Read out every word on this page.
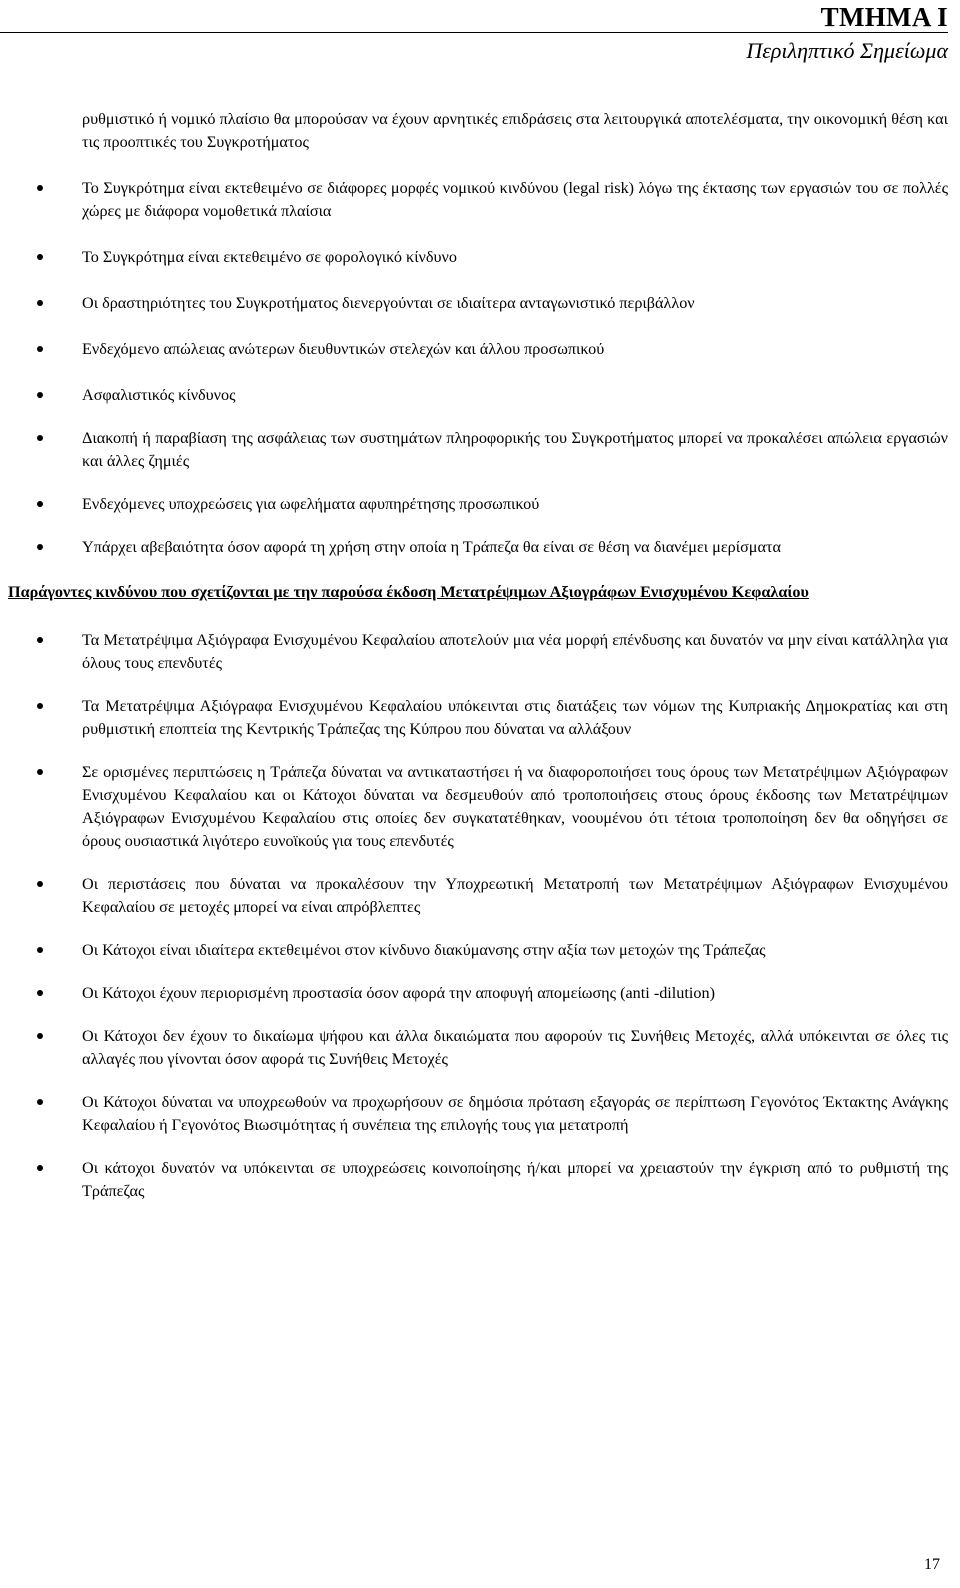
ΤΜΗΜΑ Ι
Περιληπτικό Σημείωμα
ρυθμιστικό ή νομικό πλαίσιο θα μπορούσαν να έχουν αρνητικές επιδράσεις στα λειτουργικά αποτελέσματα, την οικονομική θέση και τις προοπτικές του Συγκροτήματος
Το Συγκρότημα είναι εκτεθειμένο σε διάφορες μορφές νομικού κινδύνου (legal risk) λόγω της έκτασης των εργασιών του σε πολλές χώρες με διάφορα νομοθετικά πλαίσια
Το Συγκρότημα είναι εκτεθειμένο σε φορολογικό κίνδυνο
Οι δραστηριότητες του Συγκροτήματος διενεργούνται σε ιδιαίτερα ανταγωνιστικό περιβάλλον
Ενδεχόμενο απώλειας ανώτερων διευθυντικών στελεχών και άλλου προσωπικού
Ασφαλιστικός κίνδυνος
Διακοπή ή παραβίαση της ασφάλειας των συστημάτων πληροφορικής του Συγκροτήματος μπορεί να προκαλέσει απώλεια εργασιών και άλλες ζημιές
Ενδεχόμενες υποχρεώσεις για ωφελήματα αφυπηρέτησης προσωπικού
Υπάρχει αβεβαιότητα όσον αφορά τη χρήση στην οποία η Τράπεζα θα είναι σε θέση να διανέμει μερίσματα
Παράγοντες κινδύνου που σχετίζονται με την παρούσα έκδοση Μετατρέψιμων Αξιογράφων Ενισχυμένου Κεφαλαίου
Τα Μετατρέψιμα Αξιόγραφα Ενισχυμένου Κεφαλαίου αποτελούν μια νέα μορφή επένδυσης και δυνατόν να μην είναι κατάλληλα για όλους τους επενδυτές
Τα Μετατρέψιμα Αξιόγραφα Ενισχυμένου Κεφαλαίου υπόκεινται στις διατάξεις των νόμων της Κυπριακής Δημοκρατίας και στη ρυθμιστική εποπτεία της Κεντρικής Τράπεζας της Κύπρου που δύναται να αλλάξουν
Σε ορισμένες περιπτώσεις η Τράπεζα δύναται να αντικαταστήσει ή να διαφοροποιήσει τους όρους των Μετατρέψιμων Αξιόγραφων Ενισχυμένου Κεφαλαίου και οι Κάτοχοι δύναται να δεσμευθούν από τροποποιήσεις στους όρους έκδοσης των Μετατρέψιμων Αξιόγραφων Ενισχυμένου Κεφαλαίου στις οποίες δεν συγκατατέθηκαν, νοουμένου ότι τέτοια τροποποίηση δεν θα οδηγήσει σε όρους ουσιαστικά λιγότερο ευνοϊκούς για τους επενδυτές
Οι περιστάσεις που δύναται να προκαλέσουν την Υποχρεωτική Μετατροπή των Μετατρέψιμων Αξιόγραφων Ενισχυμένου Κεφαλαίου σε μετοχές μπορεί να είναι απρόβλεπτες
Οι Κάτοχοι είναι ιδιαίτερα εκτεθειμένοι στον κίνδυνο διακύμανσης στην αξία των μετοχών της Τράπεζας
Οι Κάτοχοι έχουν περιορισμένη προστασία όσον αφορά την αποφυγή απομείωσης (anti -dilution)
Οι Κάτοχοι δεν έχουν το δικαίωμα ψήφου και άλλα δικαιώματα που αφορούν τις Συνήθεις Μετοχές, αλλά υπόκεινται σε όλες τις αλλαγές που γίνονται όσον αφορά τις Συνήθεις Μετοχές
Οι Κάτοχοι δύναται να υποχρεωθούν να προχωρήσουν σε δημόσια πρόταση εξαγοράς σε περίπτωση Γεγονότος Έκτακτης Ανάγκης Κεφαλαίου ή Γεγονότος Βιωσιμότητας ή συνέπεια της επιλογής τους για μετατροπή
Οι κάτοχοι δυνατόν να υπόκεινται σε υποχρεώσεις κοινοποίησης ή/και μπορεί να χρειαστούν την έγκριση από το ρυθμιστή της Τράπεζας
17
